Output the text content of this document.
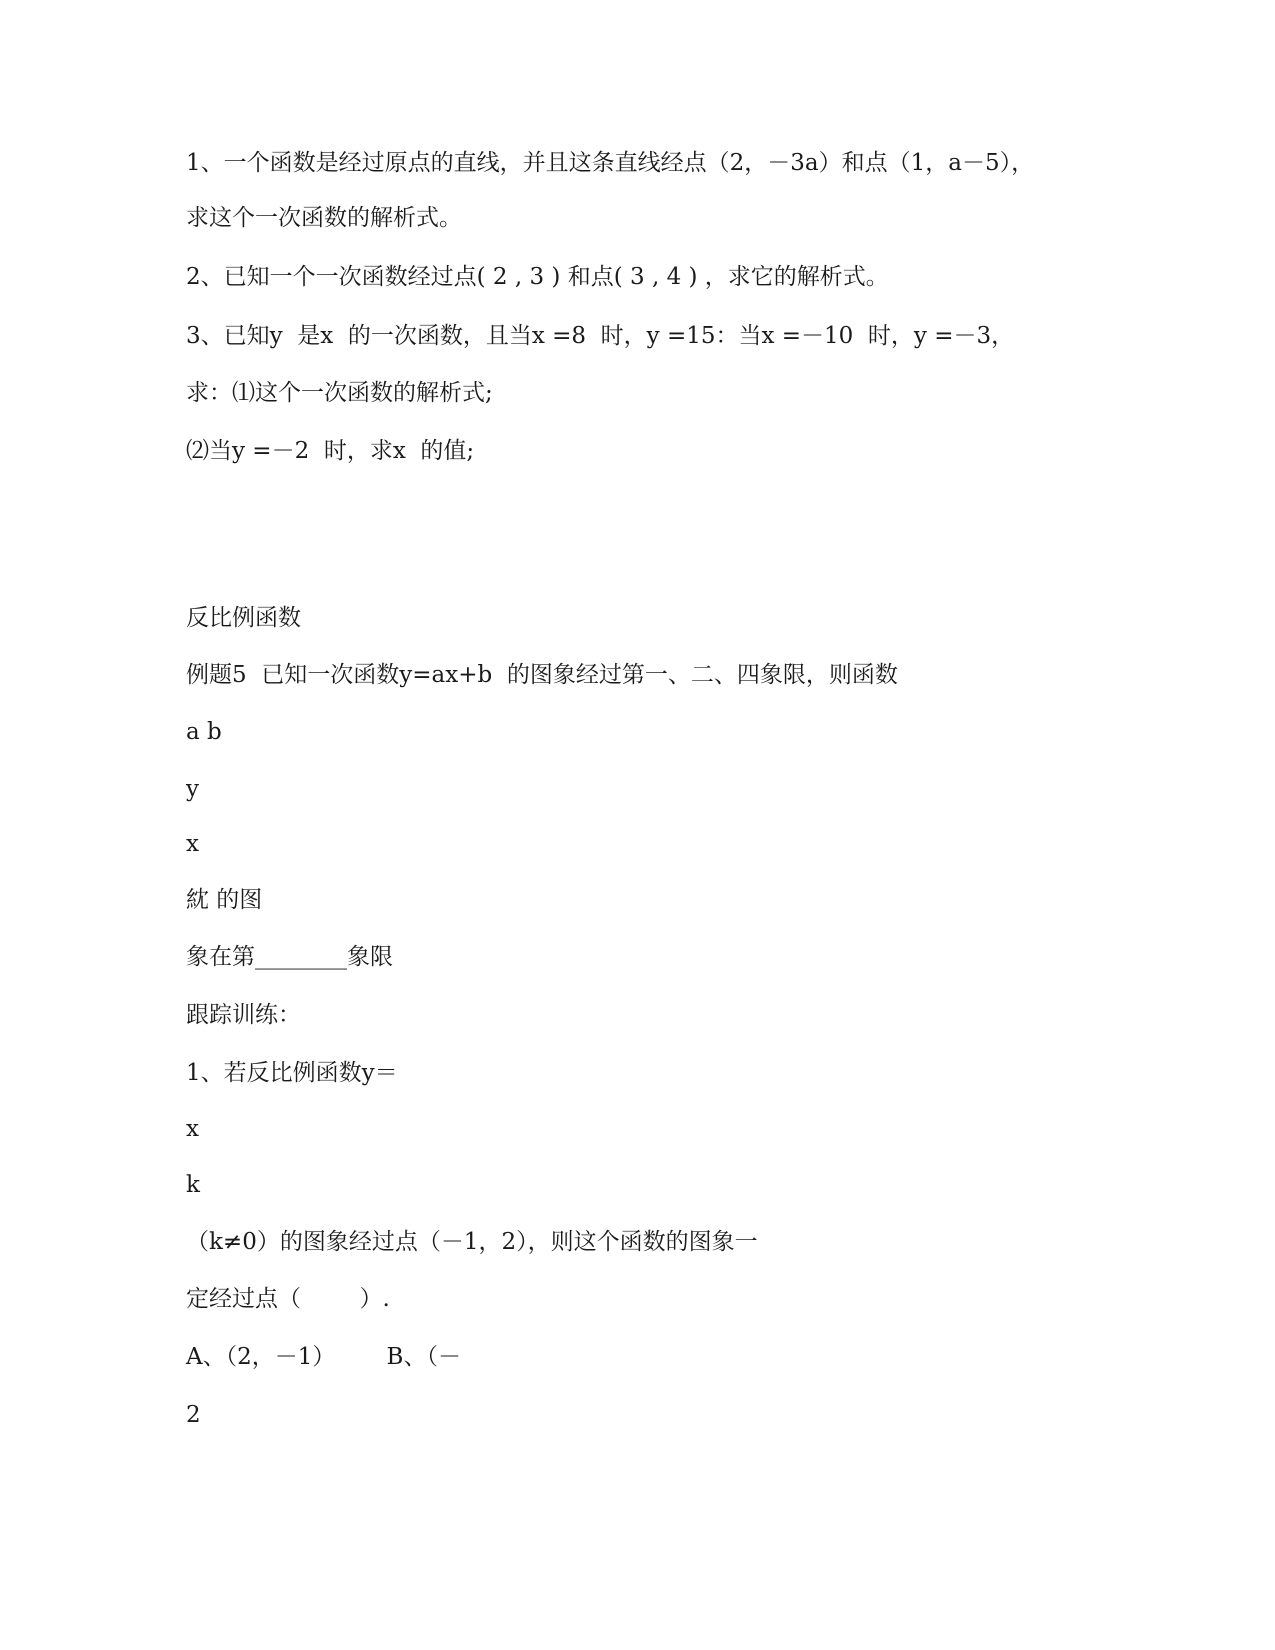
1、一个函数是经过原点的直线，并且这条直线经点（2，－3a）和点（1，a－5），

求这个一次函数的解析式。

2、已知一个一次函数经过点( 2 , 3 ) 和点( 3 , 4 ) ，求它的解析式。

3、已知y  是x  的一次函数，且当x =8  时，y =15：当x =－10  时，y =－3，

求：⑴这个一次函数的解析式;

⑵当y =－2  时，求x  的值;

反比例函数

例题5  已知一次函数y=ax+b  的图象经过第一、二、四象限，则函数

a b

y

x

紞 的图

象在第________象限

跟踪训练：

1、若反比例函数y＝

x

k

（k≠0）的图象经过点（－1，2），则这个函数的图象一

定经过点（        ）.

A、（2，－1）       B、（－

2
